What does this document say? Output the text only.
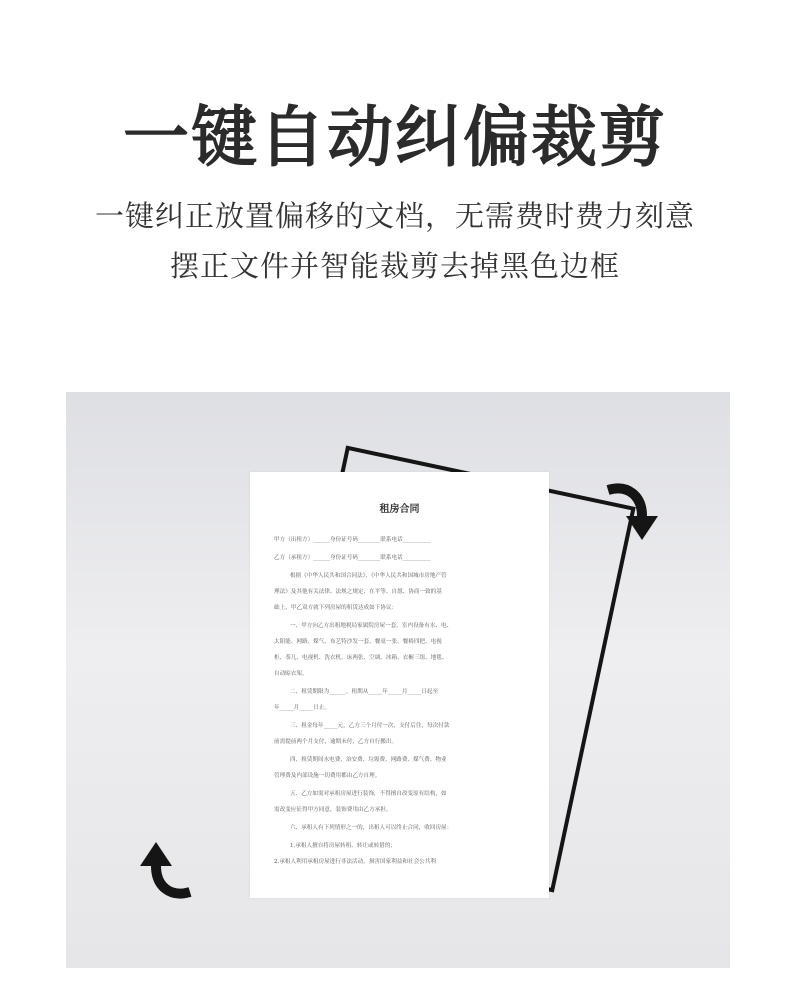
一键自动纠偏裁剪
一键纠正放置偏移的文档，无需费时费力刻意
摆正文件并智能裁剪去掉黑色边框
租房合同
甲方（出租方）______身份证号码________联系电话__________
乙方（承租方）______身份证号码________联系电话__________
根据《中华人民共和国合同法》、《中华人民共和国城市房地产管
理法》及其他有关法律、法规之规定，在平等、自愿、协商一致的基
础上，甲乙双方就下列房屋的租赁达成如下协议：
一、甲方向乙方出租地税局家属院房屋一套，室内设备有水、电、
太阳能、网路、煤气、布艺特沙发一套、餐桌一张、餐椅四把、电视
柜、茶几、电视机、洗衣机、床两张、空调、冰箱、衣橱三组、地毯、
自动晾衣架。
二、租赁期限为______，租期从_____年_____月_____日起至
年_____月_____日止。
三、租金每年_____元，乙方三个月付一次，支付后住，每次付款
前需提前两个月支付，逾期未付，乙方自行搬出。
四、租赁期间水电费、治安费、垃圾费、网路费、煤气费、物业
管理费及内部设施一切费用都由乙方自理。
五、乙方如需对承租房屋进行装饰，不得擅自改变原有结构，如
需改变应征得甲方同意，装饰费用由乙方承担。
六、承租人有下列情形之一的，出租人可以终止合同，收回房屋：
1.承租人擅自将房屋转租、转让或转借的；
2.承租人利用承租房屋进行非法活动，损害国家利益和社会公共利
